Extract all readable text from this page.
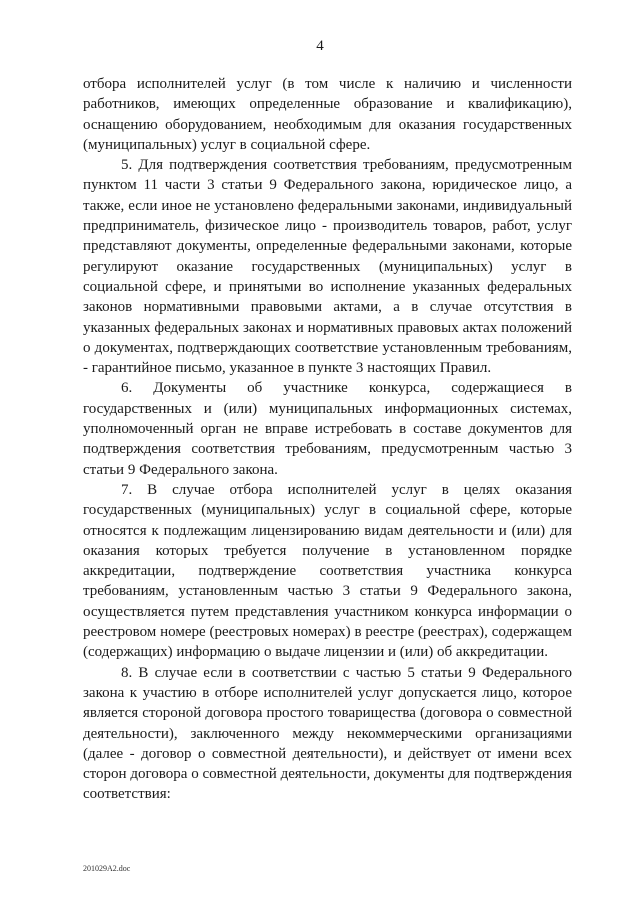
4

отбора исполнителей услуг (в том числе к наличию и численности работников, имеющих определенные образование и квалификацию), оснащению оборудованием, необходимым для оказания государственных (муниципальных) услуг в социальной сфере.

5. Для подтверждения соответствия требованиям, предусмотренным пунктом 11 части 3 статьи 9 Федерального закона, юридическое лицо, а также, если иное не установлено федеральными законами, индивидуальный предприниматель, физическое лицо - производитель товаров, работ, услуг представляют документы, определенные федеральными законами, которые регулируют оказание государственных (муниципальных) услуг в социальной сфере, и принятыми во исполнение указанных федеральных законов нормативными правовыми актами, а в случае отсутствия в указанных федеральных законах и нормативных правовых актах положений о документах, подтверждающих соответствие установленным требованиям, - гарантийное письмо, указанное в пункте 3 настоящих Правил.

6. Документы об участнике конкурса, содержащиеся в государственных и (или) муниципальных информационных системах, уполномоченный орган не вправе истребовать в составе документов для подтверждения соответствия требованиям, предусмотренным частью 3 статьи 9 Федерального закона.

7. В случае отбора исполнителей услуг в целях оказания государственных (муниципальных) услуг в социальной сфере, которые относятся к подлежащим лицензированию видам деятельности и (или) для оказания которых требуется получение в установленном порядке аккредитации, подтверждение соответствия участника конкурса требованиям, установленным частью 3 статьи 9 Федерального закона, осуществляется путем представления участником конкурса информации о реестровом номере (реестровых номерах) в реестре (реестрах), содержащем (содержащих) информацию о выдаче лицензии и (или) об аккредитации.

8. В случае если в соответствии с частью 5 статьи 9 Федерального закона к участию в отборе исполнителей услуг допускается лицо, которое является стороной договора простого товарищества (договора о совместной деятельности), заключенного между некоммерческими организациями (далее - договор о совместной деятельности), и действует от имени всех сторон договора о совместной деятельности, документы для подтверждения соответствия:

201029A2.doc
